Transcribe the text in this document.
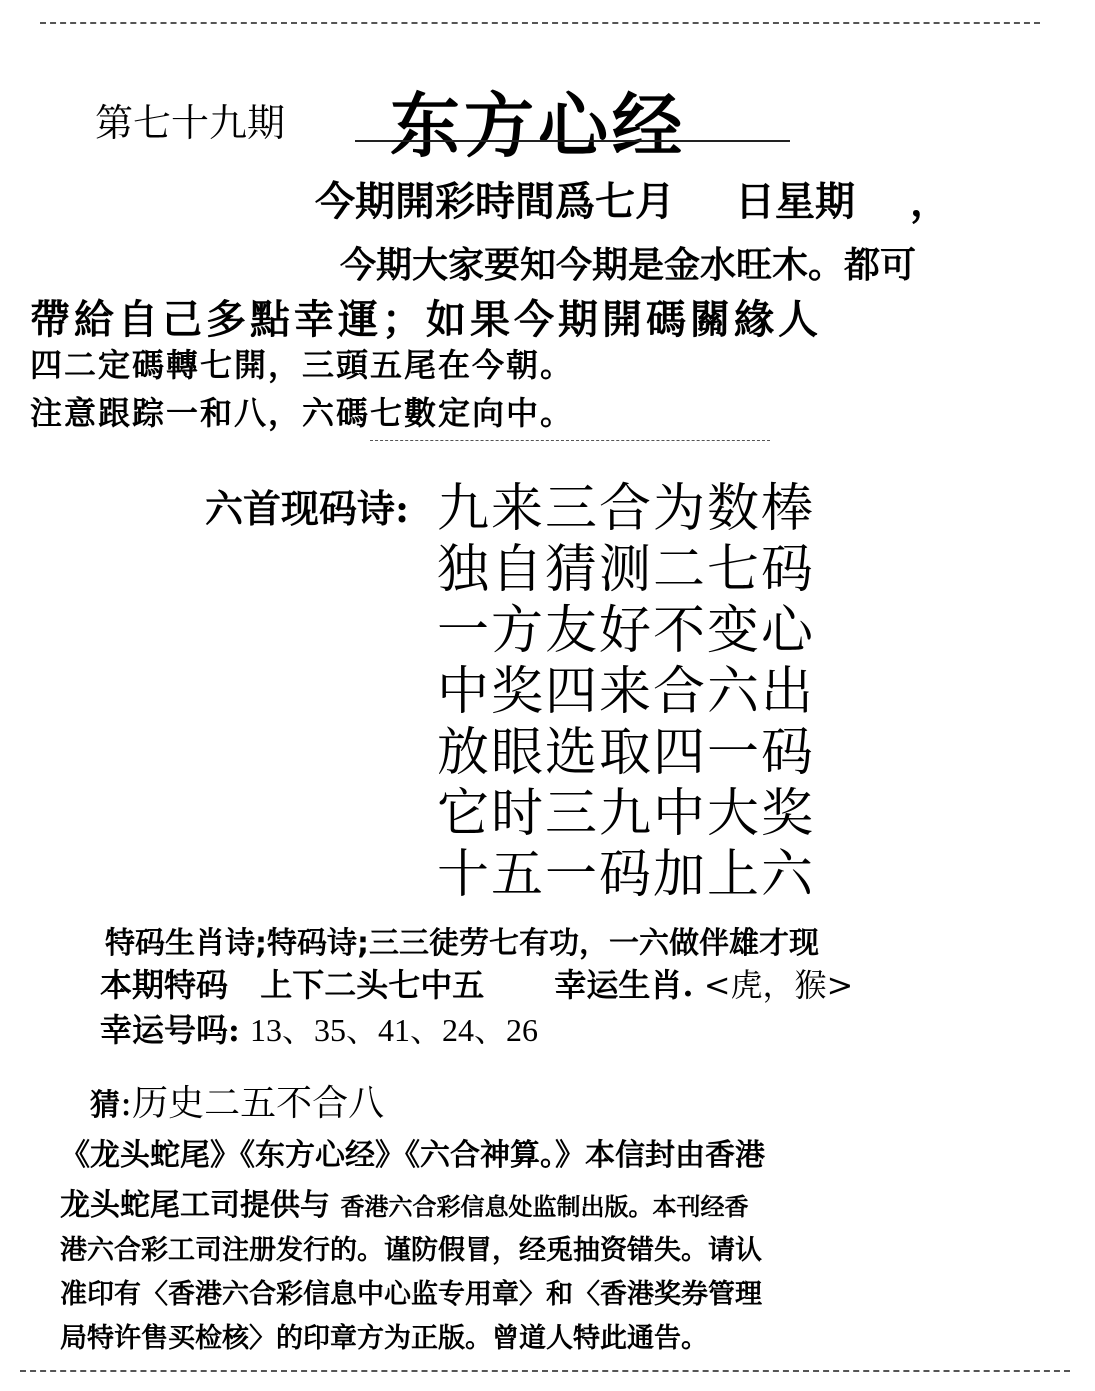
第七十九期 东方心经
今期開彩時間爲七月 日星期 ，
今期大家要知今期是金水旺木。都可
帶給自己多點幸運；如果今期開碼關緣人
四二定碼轉七開，三頭五尾在今朝。
注意跟踪一和八，六碼七數定向中。
六首现码诗: 九来三合为数棒
独自猜测二七码
一方友好不变心
中奖四来合六出
放眼选取四一码
它时三九中大奖
十五一码加上六
特码生肖诗;特码诗;三三徒劳七有功，一六做伴雄才现
本期特码 上下二头七中五 幸运生肖. <虎，猴>
幸运号吗: 13、35、41、24、26
猜:历史二五不合八
《龙头蛇尾》《东方心经》《六合神算。》本信封由香港
龙头蛇尾工司提供与 香港六合彩信息处监制出版。本刊经香
港六合彩工司注册发行的。谨防假冒，经兎抽资错失。请认
准印有〈香港六合彩信息中心监专用章〉和〈香港奖券管理
局特许售买检核〉的印章方为正版。曾道人特此通告。
